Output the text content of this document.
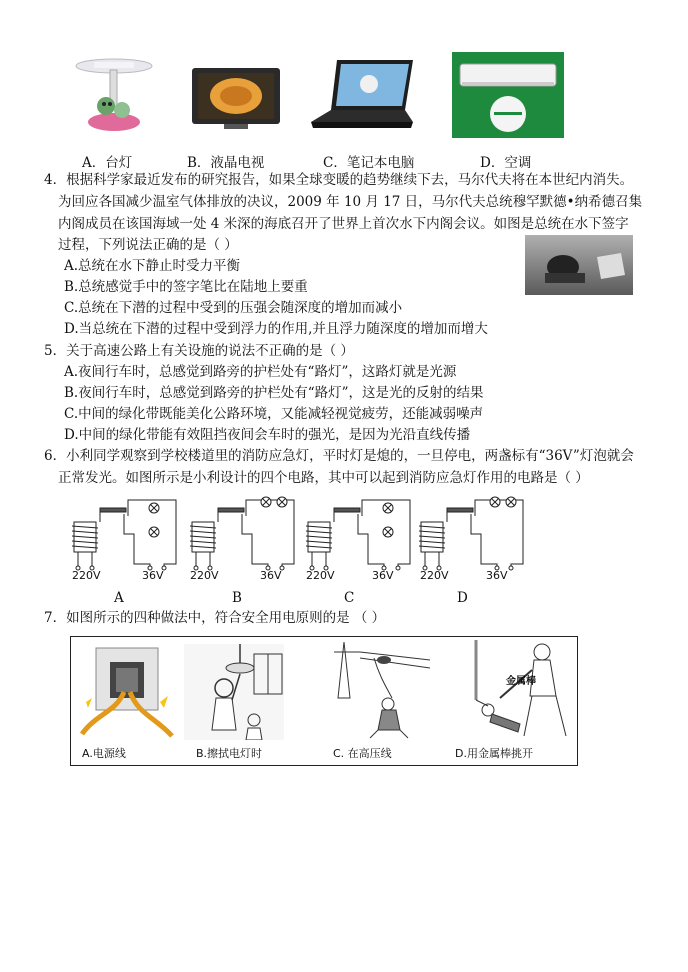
A．台灯	B．液晶电视	C．笔记本电脑	D．空调
4．根据科学家最近发布的研究报告，如果全球变暖的趋势继续下去，马尔代夫将在本世纪内消失。
为回应各国减少温室气体排放的决议，2009 年 10 月 17 日，马尔代夫总统穆罕默德•纳希德召集
内阁成员在该国海域一处 4 米深的海底召开了世界上首次水下内阁会议。如图是总统在水下签字
过程，下列说法正确的是（ ）
A.总统在水下静止时受力平衡
B.总统感觉手中的签字笔比在陆地上要重
C.总统在下潜的过程中受到的压强会随深度的增加而减小
D.当总统在下潜的过程中受到浮力的作用,并且浮力随深度的增加而增大
5．关于高速公路上有关设施的说法不正确的是（ ）
A.夜间行车时，总感觉到路旁的护栏处有“路灯”，这路灯就是光源
B.夜间行车时，总感觉到路旁的护栏处有“路灯”，这是光的反射的结果
C.中间的绿化带既能美化公路环境，又能减轻视觉疲劳，还能减弱噪声
D.中间的绿化带能有效阻挡夜间会车时的强光，是因为光沿直线传播
6．小利同学观察到学校楼道里的消防应急灯，平时灯是熄的，一旦停电，两盏标有“36V”灯泡就会
正常发光。如图所示是小利设计的四个电路，其中可以起到消防应急灯作用的电路是（ ）
220V	36V 220V	36V 220V	36V 220V	36V
A	B	C	D
7．如图所示的四种做法中，符合安全用电原则的是 （ ）
金属棒
A.电源线	B.擦拭电灯时	C. 在高压线	D.用金属棒挑开
